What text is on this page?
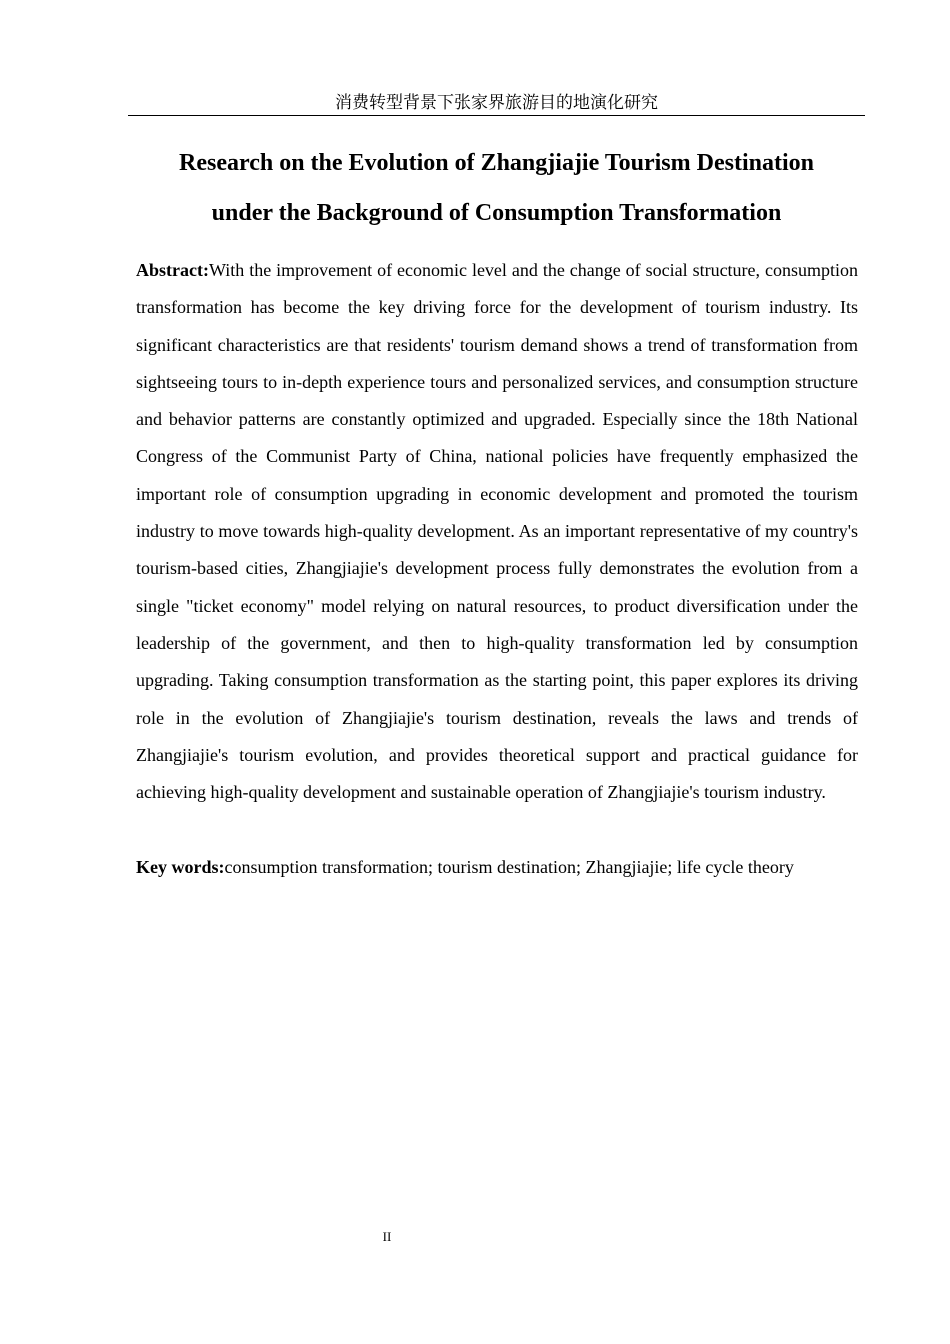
消费转型背景下张家界旅游目的地演化研究
Research on the Evolution of Zhangjiajie Tourism Destination
under the Background of Consumption Transformation

Abstract:With the improvement of economic level and the change of social structure, consumption transformation has become the key driving force for the development of tourism industry. Its significant characteristics are that residents' tourism demand shows a trend of transformation from sightseeing tours to in-depth experience tours and personalized services, and consumption structure and behavior patterns are constantly optimized and upgraded. Especially since the 18th National Congress of the Communist Party of China, national policies have frequently emphasized the important role of consumption upgrading in economic development and promoted the tourism industry to move towards high-quality development. As an important representative of my country's tourism-based cities, Zhangjiajie's development process fully demonstrates the evolution from a single "ticket economy" model relying on natural resources, to product diversification under the leadership of the government, and then to high-quality transformation led by consumption upgrading. Taking consumption transformation as the starting point, this paper explores its driving role in the evolution of Zhangjiajie's tourism destination, reveals the laws and trends of Zhangjiajie's tourism evolution, and provides theoretical support and practical guidance for achieving high-quality development and sustainable operation of Zhangjiajie's tourism industry.

Key words:consumption transformation; tourism destination; Zhangjiajie; life cycle theory

II
